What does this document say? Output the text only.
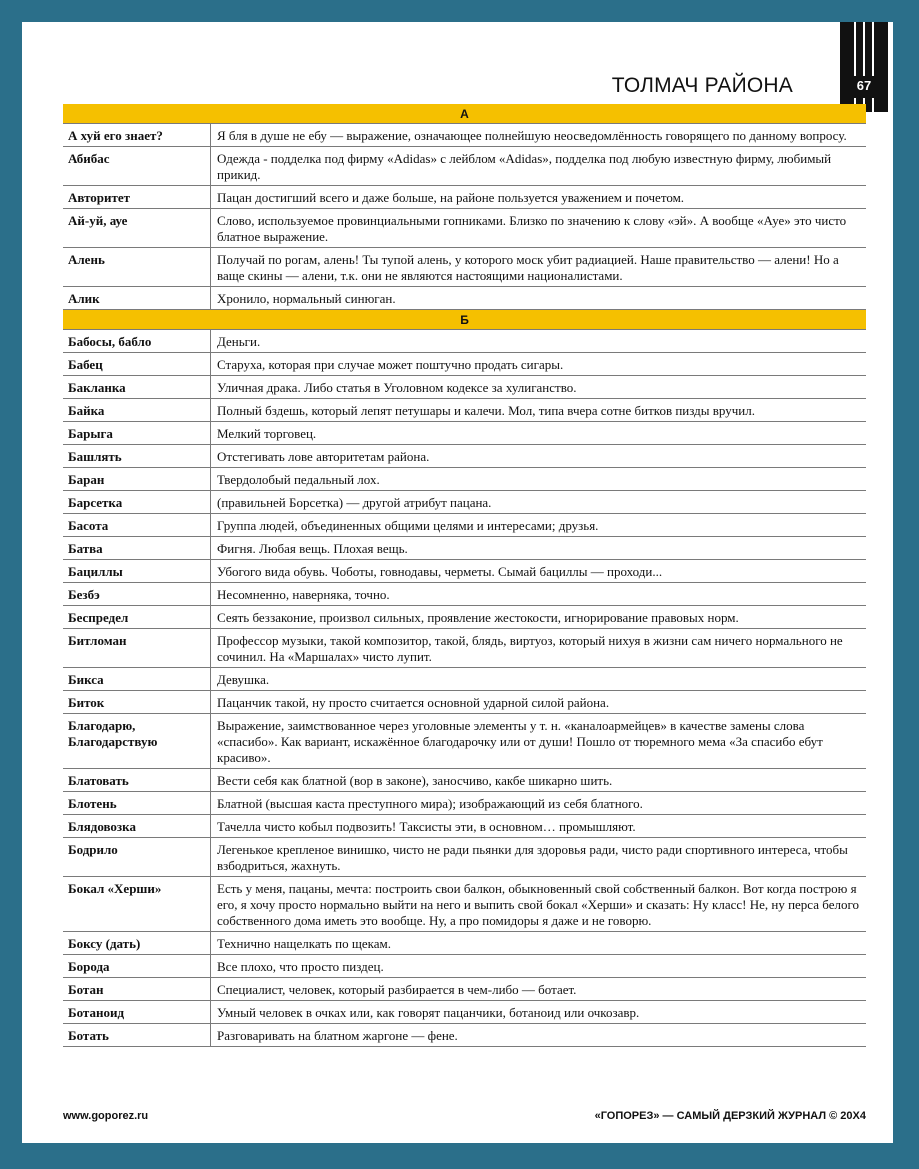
67
ТОЛМАЧ РАЙОНА
А	
А хуй его знает?	Я бля в душе не ебу — выражение, означающее полнейшую неосведомлённость говорящего по данному вопросу.
Абибас	Одежда - подделка под фирму «Adidas» с лейблом «Adidas», подделка под любую известную фирму, любимый прикид.
Авторитет	Пацан достигший всего и даже больше, на районе пользуется уважением и почетом.
Ай-уй, ауе	Слово, используемое провинциальными гопниками. Близко по значению к слову «эй». А вообще «Ауе» это чисто блатное выражение.
Алень	Получай по рогам, алень! Ты тупой алень, у которого моск убит радиацией. Наше правительство — алени! Но а ваще скины — алени, т.к. они не являются настоящими националистами.
Алик	Хронило, нормальный синюган.
Б	
Бабосы, бабло	Деньги.
Бабец	Старуха, которая при случае может поштучно продать сигары.
Бакланка	Уличная драка. Либо статья в Уголовном кодексе за хулиганство.
Байка	Полный бздешь, который лепят петушары и калечи. Мол, типа вчера сотне битков пизды вручил.
Барыга	Мелкий торговец.
Башлять	Отстегивать лове авторитетам района.
Баран	Твердолобый педальный лох.
Барсетка	(правильней Борсетка) — другой атрибут пацана.
Басота	Группа людей, объединенных общими целями и интересами; друзья.
Батва	Фигня. Любая вещь. Плохая вещь.
Бациллы	Убогого вида обувь. Чоботы, говнодавы, черметы. Сымай бациллы — проходи...
Безбэ	Несомненно, наверняка, точно.
Беспредел	Сеять беззаконие, произвол сильных, проявление жестокости, игнорирование правовых норм.
Битломан	Профессор музыки, такой композитор, такой, блядь, виртуоз, который нихуя в жизни сам ничего нормального не сочинил. На «Маршалах» чисто лупит.
Бикса	Девушка.
Биток	Пацанчик такой, ну просто считается основной ударной силой района.
Благодарю, Благодарствую	Выражение, заимствованное через уголовные элементы у т. н. «каналоармейцев» в качестве замены слова «спасибо». Как вариант, искажённое благодарочку или от души! Пошло от тюремного мема «За спасибо ебут красиво».
Блатовать	Вести себя как блатной (вор в законе), заносчиво, какбе шикарно шить.
Блотень	Блатной (высшая каста преступного мира); изображающий из себя блатного.
Блядовозка	Тачелла чисто кобыл подвозить! Таксисты эти, в основном… промышляют.
Бодрило	Легенькое крепленое винишко, чисто не ради пьянки для здоровья ради, чисто ради спортивного интереса, чтобы взбодриться, жахнуть.
Бокал «Херши»	Есть у меня, пацаны, мечта: построить свои балкон, обыкновенный свой собственный балкон. Вот когда построю я его, я хочу просто нормально выйти на него и выпить свой бокал «Херши» и сказать: Ну класс! Не, ну перса белого собственного дома иметь это вообще. Ну, а про помидоры я даже и не говорю.
Боксу (дать)	Технично нащелкать по щекам.
Борода	Все плохо, что просто пиздец.
Ботан	Специалист, человек, который разбирается в чем-либо — ботает.
Ботаноид	Умный человек в очках или, как говорят пацанчики, ботаноид или очкозавр.
Ботать	Разговаривать на блатном жаргоне — фене.
www.goporez.ru	«ГОПОРЕЗ» — САМЫЙ ДЕРЗКИЙ ЖУРНАЛ © 20X4
